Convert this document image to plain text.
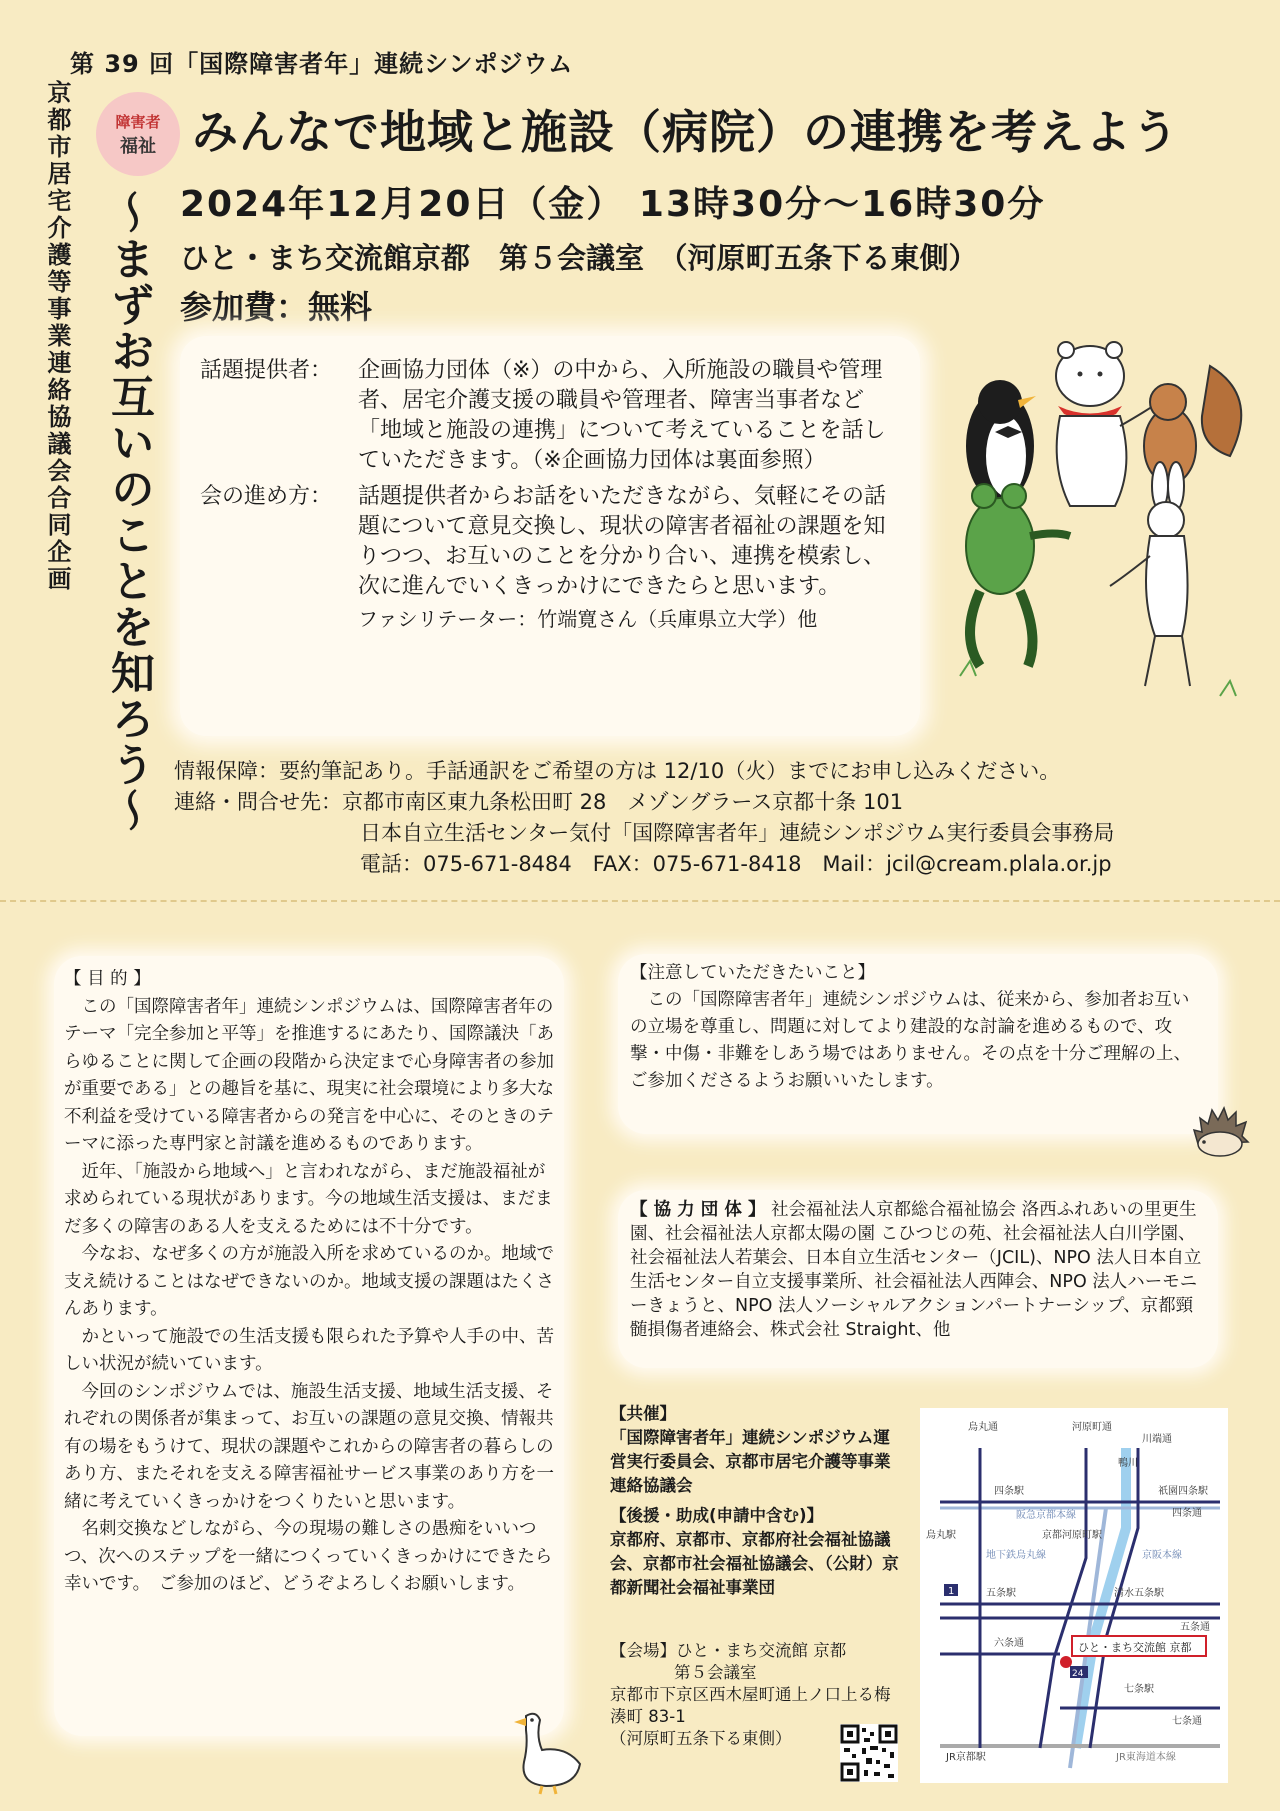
第 39 回「国際障害者年」連続シンポジウム
京都市居宅介護等事業連絡協議会合同企画	障害者
福祉
～まずお互いのことを知ろう～
みんなで地域と施設（病院）の連携を考えよう
2024年12月20日（金） 13時30分～16時30分
ひと・まち交流館京都　第５会議室　（河原町五条下る東側）
参加費：無料
話題提供者：	企画協力団体（※）の中から、入所施設の職員や管理者、居宅介護支援の職員や管理者、障害当事者など「地域と施設の連携」について考えていることを話していただきます。（※企画協力団体は裏面参照）
会の進め方：	話題提供者からお話をいただきながら、気軽にその話題について意見交換し、現状の障害者福祉の課題を知りつつ、お互いのことを分かり合い、連携を模索し、次に進んでいくきっかけにできたらと思います。
ファシリテーター：竹端寛さん（兵庫県立大学）他
情報保障：要約筆記あり。手話通訳をご希望の方は 12/10（火）までにお申し込みください。
連絡・問合せ先：京都市南区東九条松田町 28　メゾングラース京都十条 101
日本自立生活センター気付「国際障害者年」連続シンポジウム実行委員会事務局
電話：075-671-8484　FAX：075-671-8418　Mail：jcil@cream.plala.or.jp

【 目 的 】

この「国際障害者年」連続シンポジウムは、国際障害者年のテーマ「完全参加と平等」を推進するにあたり、国際議決「あらゆることに関して企画の段階から決定まで心身障害者の参加が重要である」との趣旨を基に、現実に社会環境により多大な不利益を受けている障害者からの発言を中心に、そのときのテーマに添った専門家と討議を進めるものであります。

近年、「施設から地域へ」と言われながら、まだ施設福祉が求められている現状があります。今の地域生活支援は、まだまだ多くの障害のある人を支えるためには不十分です。

今なお、なぜ多くの方が施設入所を求めているのか。地域で支え続けることはなぜできないのか。地域支援の課題はたくさんあります。

かといって施設での生活支援も限られた予算や人手の中、苦しい状況が続いています。

今回のシンポジウムでは、施設生活支援、地域生活支援、それぞれの関係者が集まって、お互いの課題の意見交換、情報共有の場をもうけて、現状の課題やこれからの障害者の暮らしのあり方、またそれを支える障害福祉サービス事業のあり方を一緒に考えていくきっかけをつくりたいと思います。

名刺交換などしながら、今の現場の難しさの愚痴をいいつつ、次へのステップを一緒につくっていくきっかけにできたら幸いです。　ご参加のほど、どうぞよろしくお願いします。

【注意していただきたいこと】

この「国際障害者年」連続シンポジウムは、従来から、参加者お互いの立場を尊重し、問題に対してより建設的な討論を進めるもので、攻撃・中傷・非難をしあう場ではありません。その点を十分ご理解の上、ご参加くださるようお願いいたします。

【 協 力 団 体 】 社会福祉法人京都総合福祉協会 洛西ふれあいの里更生園、社会福祉法人京都太陽の園 こひつじの苑、社会福祉法人白川学園、社会福祉法人若葉会、日本自立生活センター（JCIL)、NPO 法人日本自立生活センター自立支援事業所、社会福祉法人西陣会、NPO 法人ハーモニーきょうと、NPO 法人ソーシャルアクションパートナーシップ、京都頸髄損傷者連絡会、株式会社 Straight、他
【共催】
「国際障害者年」連続シンポジウム運営実行委員会、京都市居宅介護等事業連絡協議会
【後援・助成(申請中含む)】
京都府、京都市、京都府社会福祉協議会、京都市社会福祉協議会、（公財）京都新聞社会福祉事業団
【会場】ひと・まち交流館 京都
第５会議室
京都市下京区西木屋町通上ノ口上る梅湊町 83-1
（河原町五条下る東側）
烏丸通	河原町通
川端通
鴨川
四条駅
阪急京都本線
祇園四条駅
四条通
烏丸駅	京都河原町駅
地下鉄烏丸線	京阪本線
五条駅	清水五条駅
五条通
六条通
七条駅
七条通
JR京都駅	JR東海道本線
1
24
ひと・まち交流館 京都
